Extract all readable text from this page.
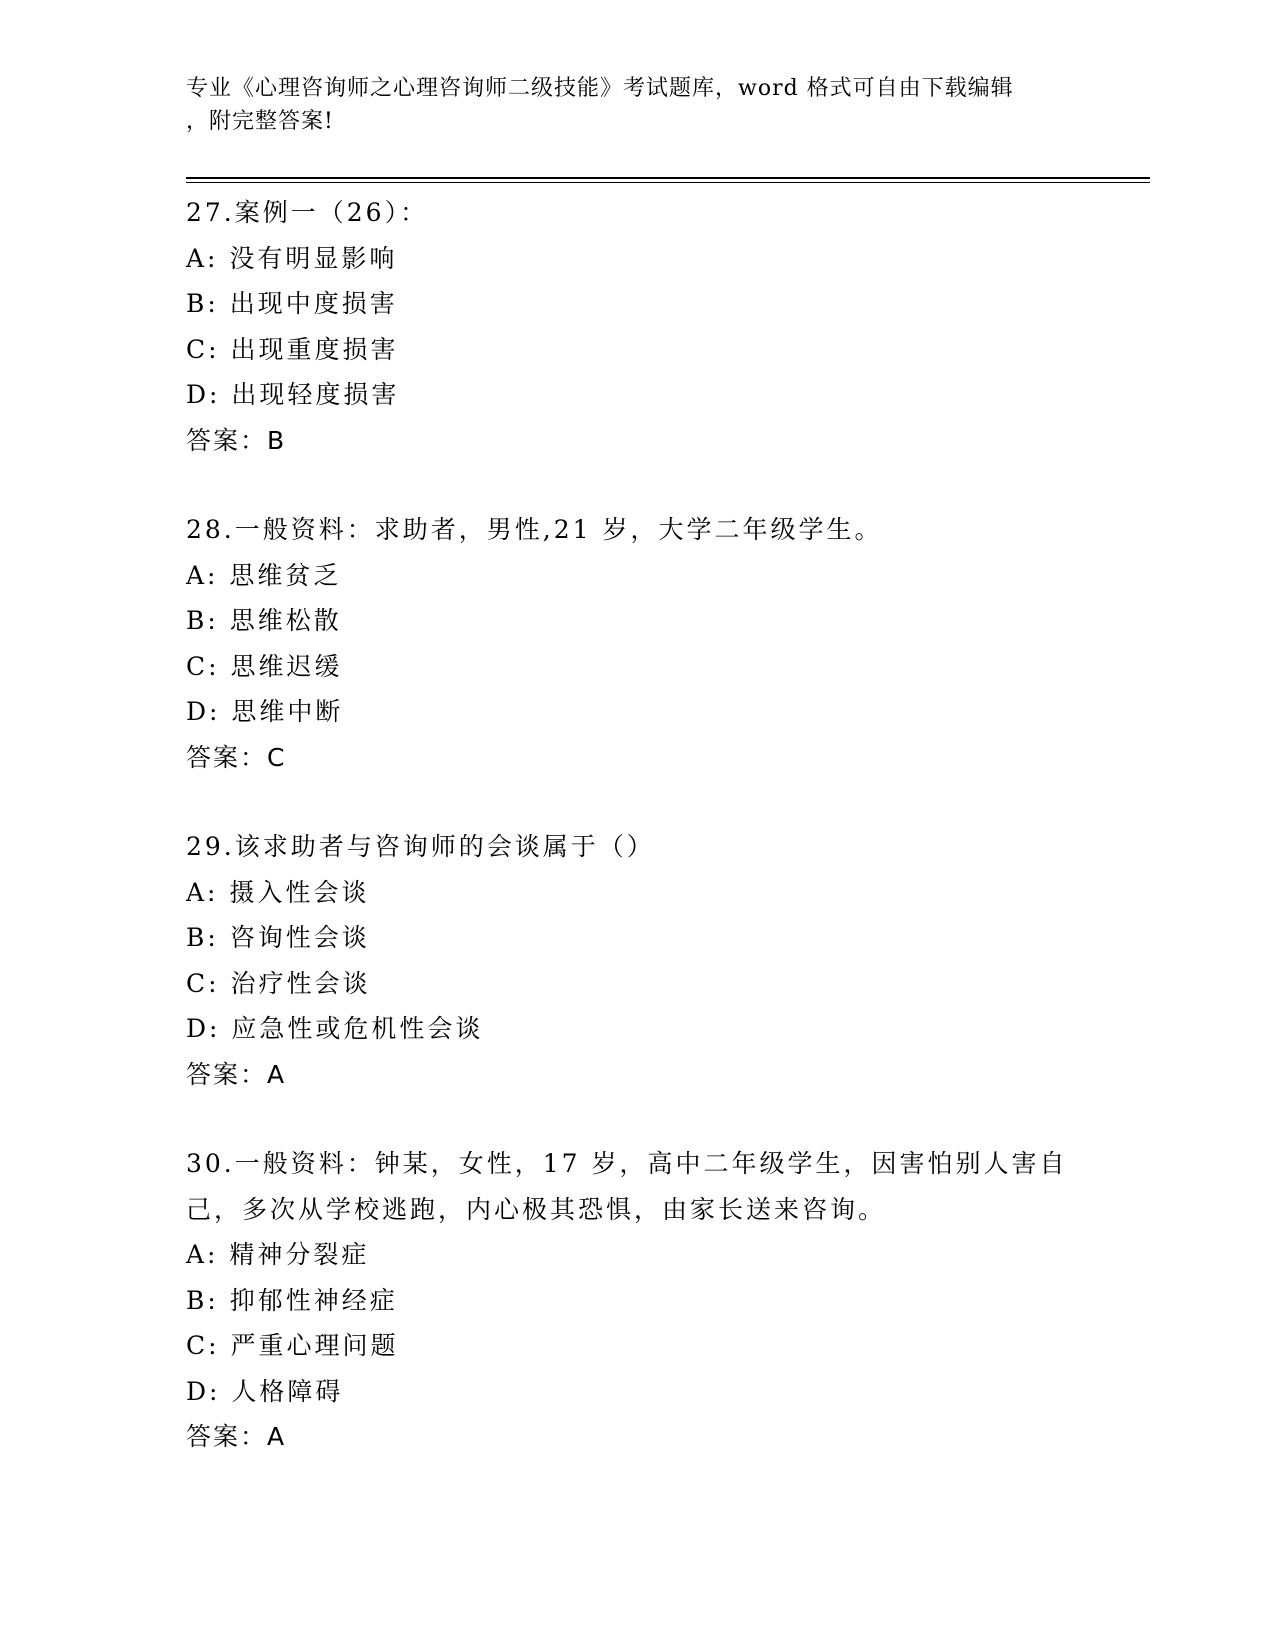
专业《心理咨询师之心理咨询师二级技能》考试题库，word 格式可自由下载编辑
，附完整答案!
27.案例一（26）：
A: 没有明显影响
B: 出现中度损害
C: 出现重度损害
D: 出现轻度损害
答案：B
28.一般资料：求助者，男性,21 岁，大学二年级学生。
A: 思维贫乏
B: 思维松散
C: 思维迟缓
D: 思维中断
答案：C
29.该求助者与咨询师的会谈属于（）
A: 摄入性会谈
B: 咨询性会谈
C: 治疗性会谈
D: 应急性或危机性会谈
答案：A
30.一般资料：钟某，女性，17 岁，高中二年级学生，因害怕别人害自
己，多次从学校逃跑，内心极其恐惧，由家长送来咨询。
A: 精神分裂症
B: 抑郁性神经症
C: 严重心理问题
D: 人格障碍
答案：A
